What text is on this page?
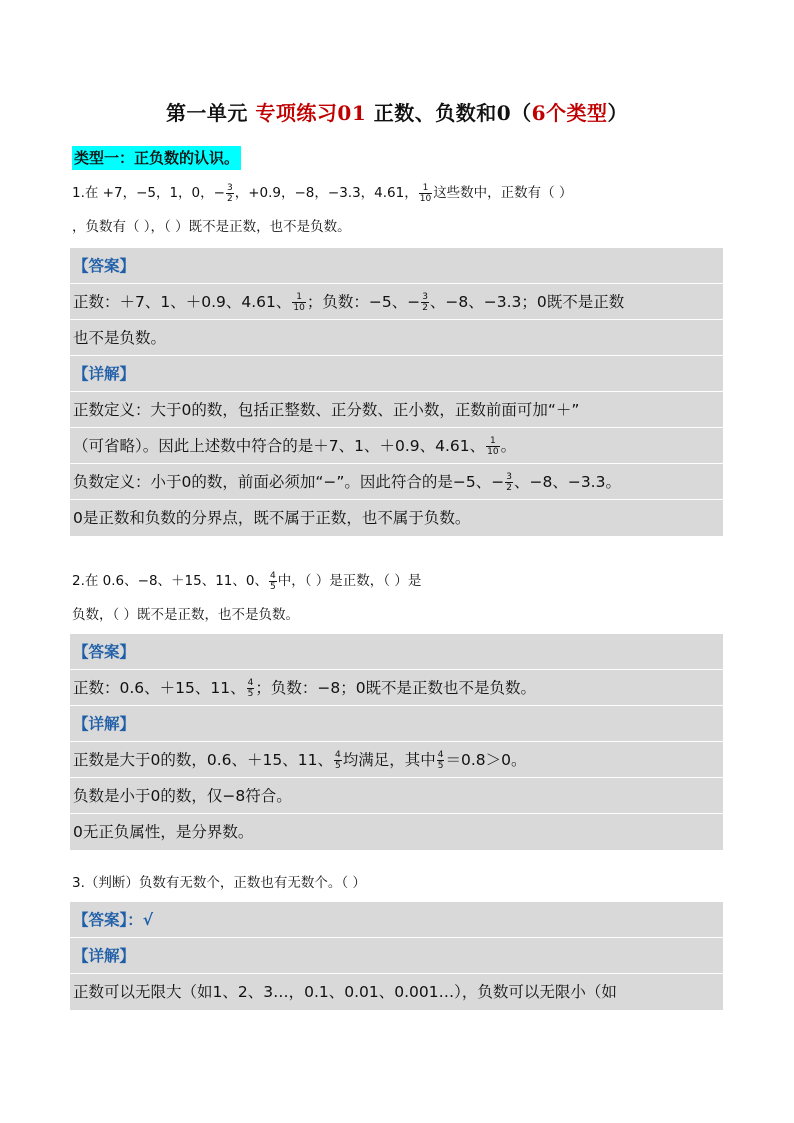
第一单元 专项练习01 正数、负数和0（6个类型）
类型一：正负数的认识。
1.在 +7，−5，1，0，− $\frac{3}{2}$ ，+0.9，−8，−3.3，4.61， $\frac{1}{10}$ 这些数中，正数有（ ）
，负数有（ ），（ ）既不是正数，也不是负数。
【答案】
正数：＋7、1、＋0.9、4.61、 $\frac{1}{10}$ ；负数：−5、− $\frac{3}{2}$ 、−8、−3.3；0既不是正数
也不是负数。
【详解】
正数定义：大于0的数，包括正整数、正分数、正小数，正数前面可加“＋”
（可省略）。因此上述数中符合的是＋7、1、＋0.9、4.61、 $\frac{1}{10}$ 。
负数定义：小于0的数，前面必须加“−”。因此符合的是−5、− $\frac{3}{2}$ 、−8、−3.3。
0是正数和负数的分界点，既不属于正数，也不属于负数。
2.在 0.6、−8、＋15、11、0、 $\frac{4}{5}$ 中，（ ）是正数，（ ）是
负数，（ ）既不是正数，也不是负数。
【答案】
正数：0.6、＋15、11、 $\frac{4}{5}$ ；负数：−8；0既不是正数也不是负数。
【详解】
正数是大于0的数，0.6、＋15、11、 $\frac{4}{5}$ 均满足，其中 $\frac{4}{5} =0.8>0$。
负数是小于0的数，仅−8符合。
0无正负属性，是分界数。
3.（判断）负数有无数个，正数也有无数个。（ ）
【答案】：√
【详解】
正数可以无限大（如1、2、3…，0.1、0.01、0.001…），负数可以无限小（如
